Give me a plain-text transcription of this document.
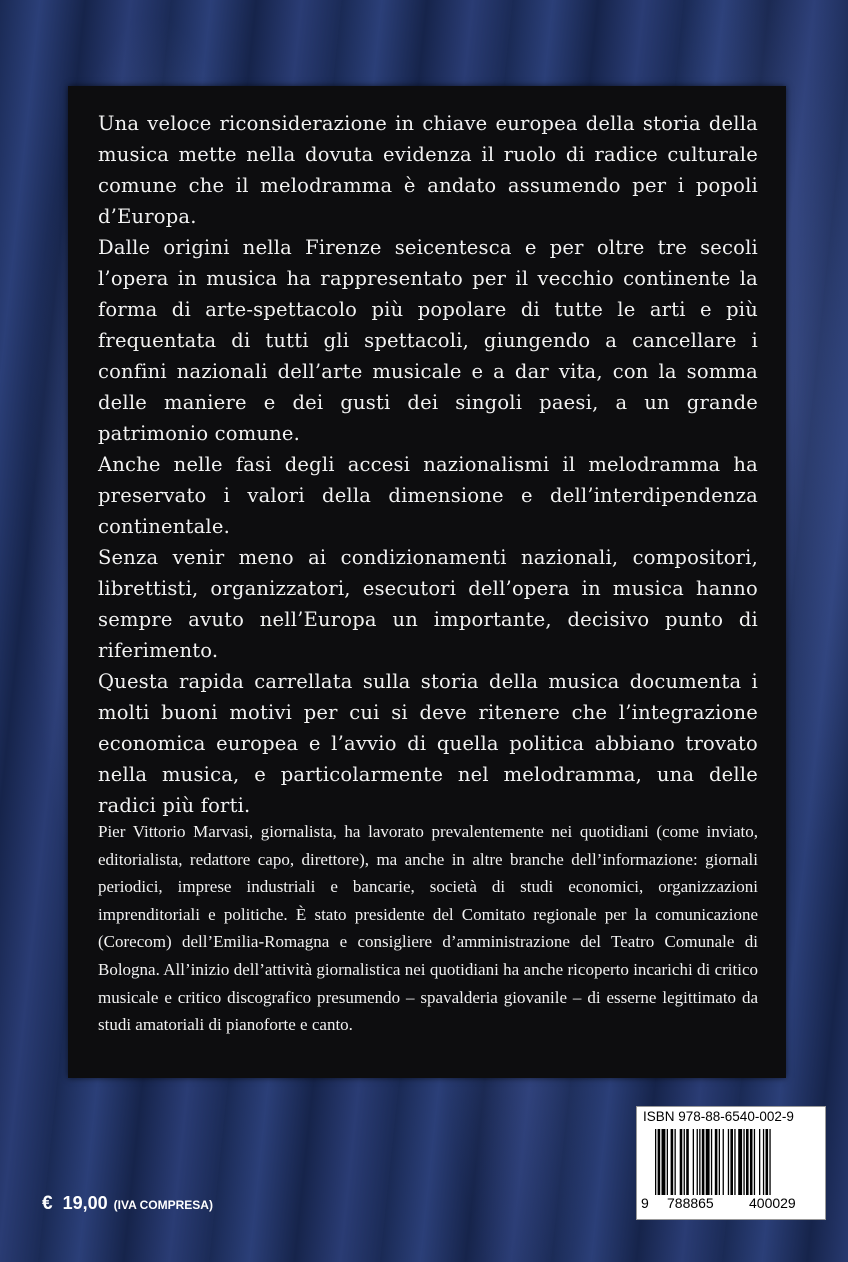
Una veloce riconsiderazione in chiave europea della storia della musica mette nella dovuta evidenza il ruolo di radice culturale comune che il melodramma è andato assumendo per i popoli d’Europa.

Dalle origini nella Firenze seicentesca e per oltre tre secoli l’opera in musica ha rappresentato per il vecchio continente la forma di arte-spettacolo più popolare di tutte le arti e più frequentata di tutti gli spettacoli, giungendo a cancellare i confini nazionali dell’arte musicale e a dar vita, con la somma delle maniere e dei gusti dei singoli paesi, a un grande patrimonio comune.

Anche nelle fasi degli accesi nazionalismi il melodramma ha preservato i valori della dimensione e dell’interdipendenza continentale.

Senza venir meno ai condizionamenti nazionali, compositori, librettisti, organizzatori, esecutori dell’opera in musica hanno sempre avuto nell’Europa un importante, decisivo punto di riferimento.

Questa rapida carrellata sulla storia della musica documenta i molti buoni motivi per cui si deve ritenere che l’integrazione economica europea e l’avvio di quella politica abbiano trovato nella musica, e particolarmente nel melodramma, una delle radici più forti.

Pier Vittorio Marvasi, giornalista, ha lavorato prevalentemente nei quotidiani (come inviato, editorialista, redattore capo, direttore), ma anche in altre branche dell’informazione: giornali periodici, imprese industriali e bancarie, società di studi economici, organizzazioni imprenditoriali e politiche. È stato presidente del Comitato regionale per la comunicazione (Corecom) dell’Emilia-Romagna e consigliere d’amministrazione del Teatro Comunale di Bologna. All’inizio dell’attività giornalistica nei quotidiani ha anche ricoperto incarichi di critico musicale e critico discografico presumendo – spavalderia giovanile – di esserne legittimato da studi amatoriali di pianoforte e canto.
€ 19,00 (IVA COMPRESA)
ISBN 978-88-6540-002-9
9 788865	400029
